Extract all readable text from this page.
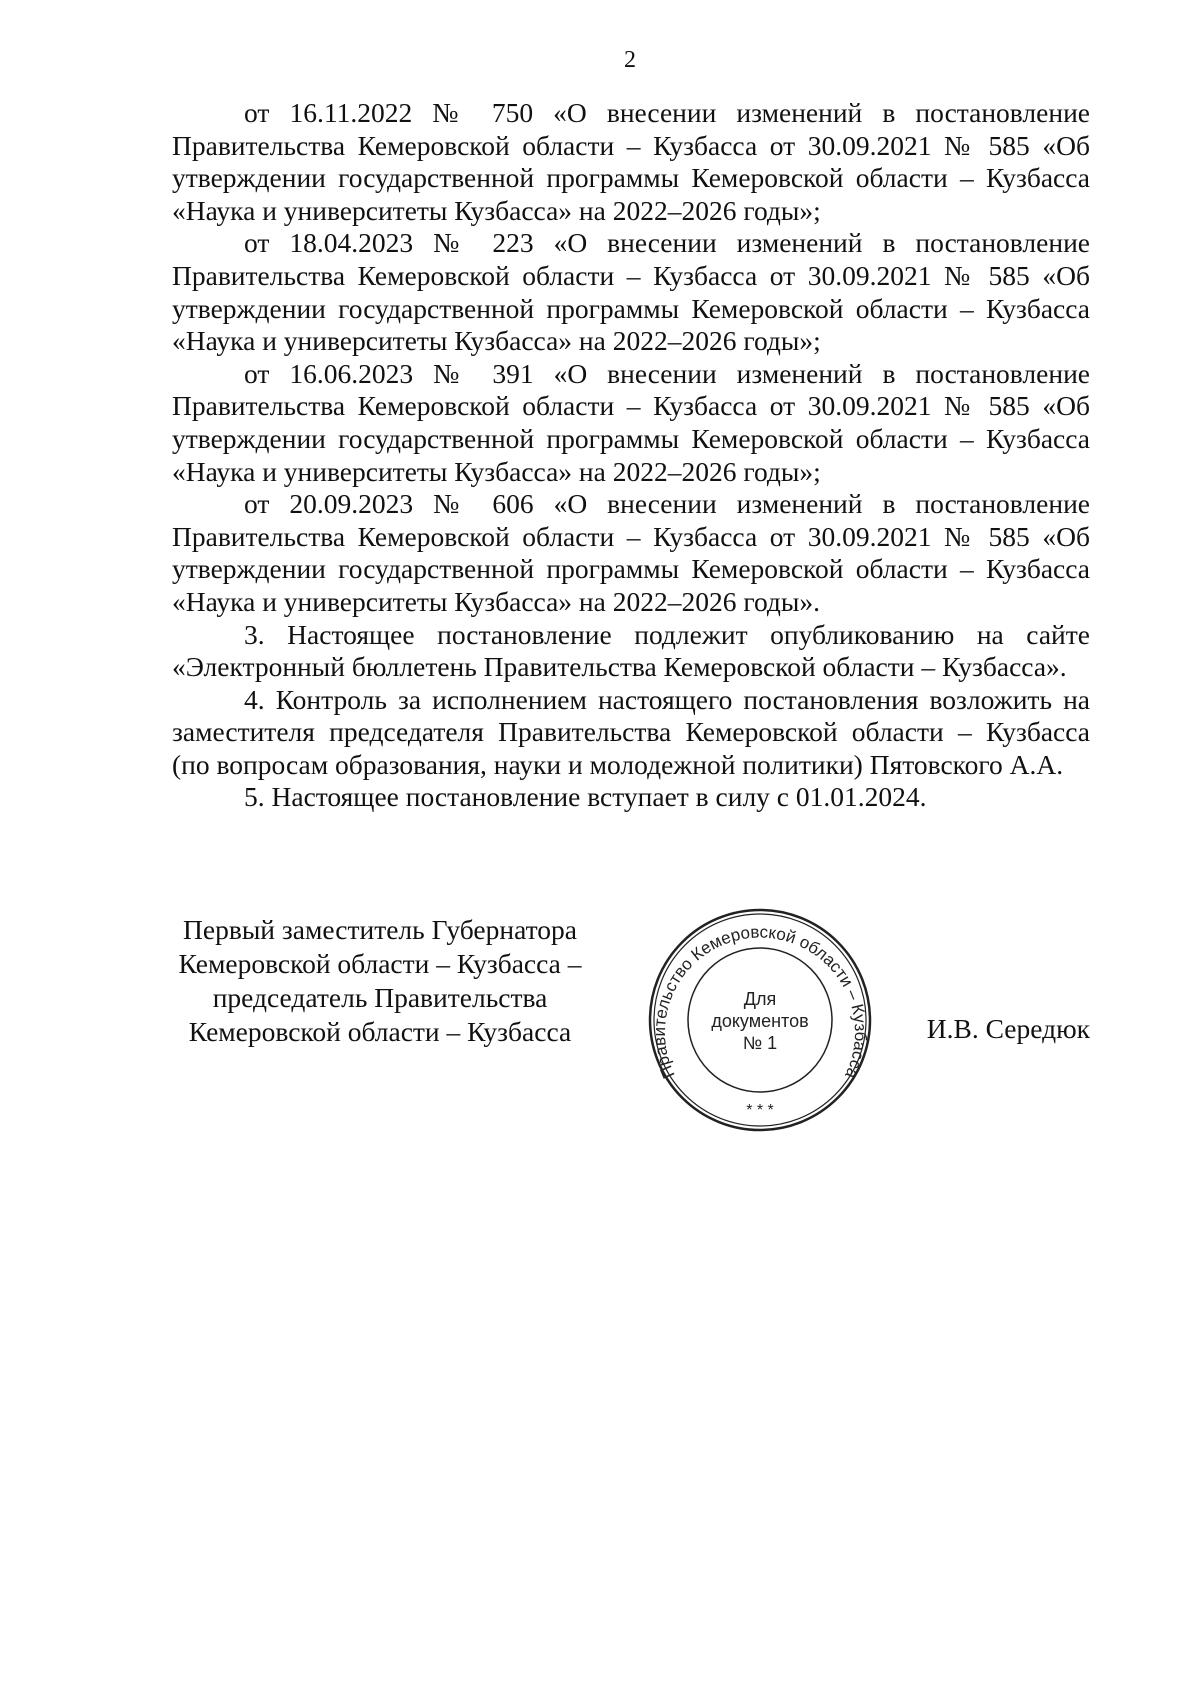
2

от 16.11.2022 № 750 «О внесении изменений в постановление Правительства Кемеровской области – Кузбасса от 30.09.2021 № 585 «Об утверждении государственной программы Кемеровской области – Кузбасса «Наука и университеты Кузбасса» на 2022–2026 годы»;

от 18.04.2023 № 223 «О внесении изменений в постановление Правительства Кемеровской области – Кузбасса от 30.09.2021 № 585 «Об утверждении государственной программы Кемеровской области – Кузбасса «Наука и университеты Кузбасса» на 2022–2026 годы»;

от 16.06.2023 № 391 «О внесении изменений в постановление Правительства Кемеровской области – Кузбасса от 30.09.2021 № 585 «Об утверждении государственной программы Кемеровской области – Кузбасса «Наука и университеты Кузбасса» на 2022–2026 годы»;

от 20.09.2023 № 606 «О внесении изменений в постановление Правительства Кемеровской области – Кузбасса от 30.09.2021 № 585 «Об утверждении государственной программы Кемеровской области – Кузбасса «Наука и университеты Кузбасса» на 2022–2026 годы».

3. Настоящее постановление подлежит опубликованию на сайте «Электронный бюллетень Правительства Кемеровской области – Кузбасса».

4. Контроль за исполнением настоящего постановления возложить на заместителя председателя Правительства Кемеровской области – Кузбасса (по вопросам образования, науки и молодежной политики) Пятовского А.А.

5. Настоящее постановление вступает в силу с 01.01.2024.

Первый заместитель Губернатора
Кемеровской области – Кузбасса –
председатель Правительства
Кемеровской области – Кузбасса
Правительство Кемеровской области – Кузбасса
* * *
Для
документов
№ 1	И.В. Середюк
